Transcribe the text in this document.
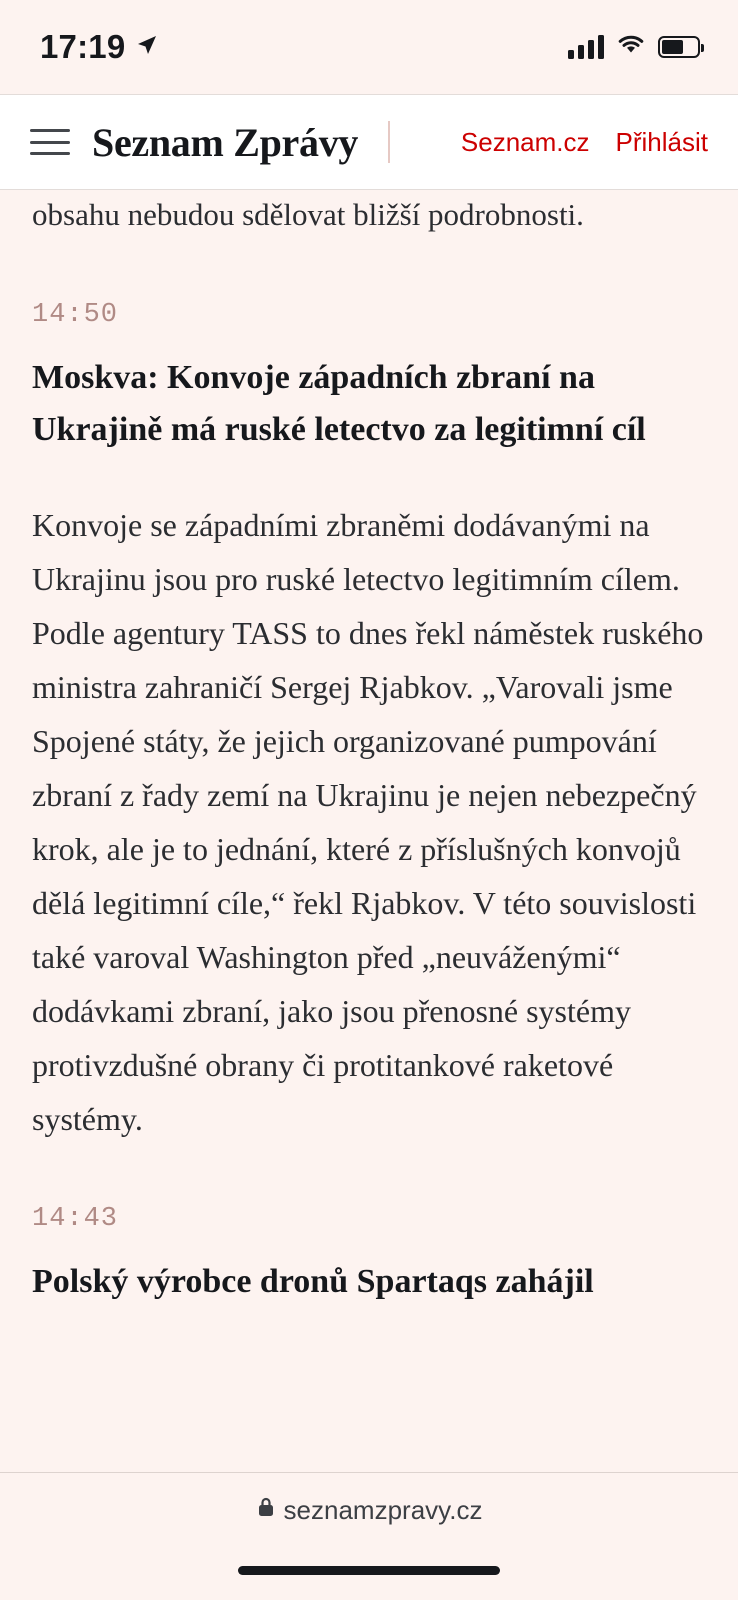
17:19
Seznam Zprávy	Seznam.cz Přihlásit

obsahu nebudou sdělovat bližší podrobnosti.
14:50
Moskva: Konvoje západních zbraní na Ukrajině má ruské letectvo za legitimní cíl
Konvoje se západními zbraněmi dodávanými na Ukrajinu jsou pro ruské letectvo legitimním cílem. Podle agentury TASS to dnes řekl náměstek ruského ministra zahraničí Sergej Rjabkov. „Varovali jsme Spojené státy, že jejich organizované pumpování zbraní z řady zemí na Ukrajinu je nejen nebezpečný krok, ale je to jednání, které z příslušných konvojů dělá legitimní cíle,“ řekl Rjabkov. V této souvislosti také varoval Washington před „neuváženými“ dodávkami zbraní, jako jsou přenosné systémy protivzdušné obrany či protitankové raketové systémy.
14:43
Polský výrobce dronů Spartaqs zahájil
seznamzpravy.cz
